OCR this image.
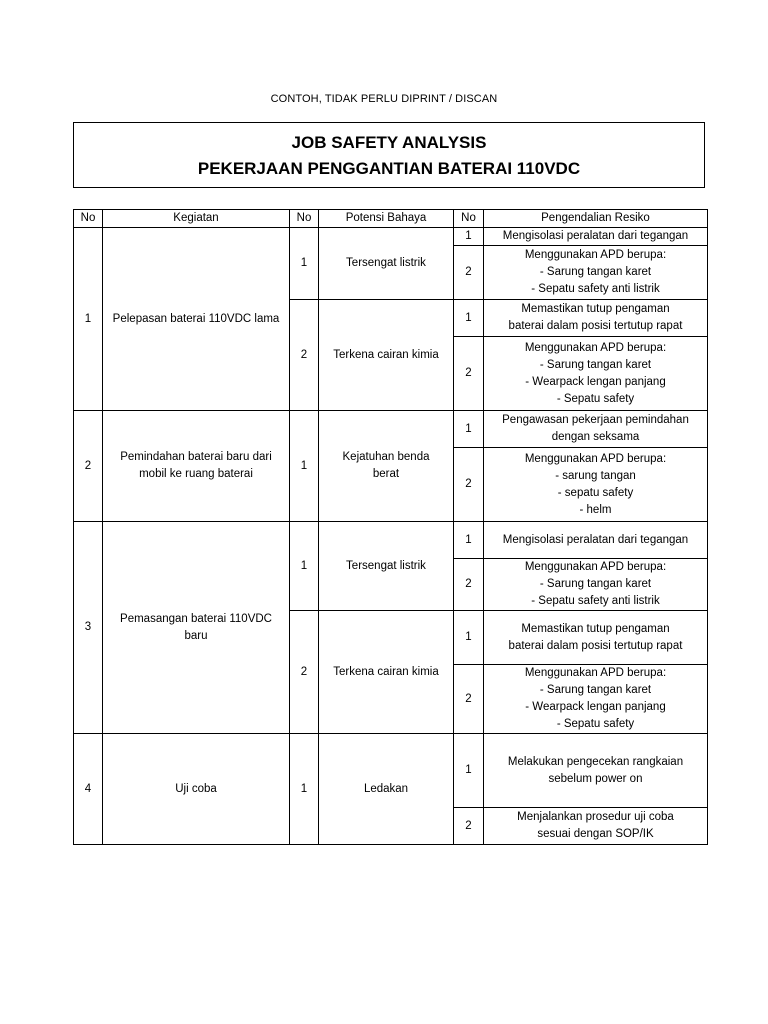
CONTOH, TIDAK PERLU DIPRINT / DISCAN
JOB SAFETY ANALYSIS
PEKERJAAN PENGGANTIAN BATERAI 110VDC
No	Kegiatan	No	Potensi Bahaya	No	Pengendalian Resiko
1	Pelepasan baterai 110VDC lama	1	Tersengat listrik	1	Mengisolasi peralatan dari tegangan

				2	Menggunakan APD berupa:
- Sarung tangan karet
- Sepatu safety anti listrik

		2	Terkena cairan kimia	1	Memastikan tutup pengaman
baterai dalam posisi tertutup rapat

				2	Menggunakan APD berupa:
- Sarung tangan karet
- Wearpack lengan panjang
- Sepatu safety

2	Pemindahan baterai baru dari mobil ke ruang baterai	1	Kejatuhan benda berat	1	Pengawasan pekerjaan pemindahan
dengan seksama

				2	Menggunakan APD berupa:
- sarung tangan
- sepatu safety
- helm

3	Pemasangan baterai 110VDC baru	1	Tersengat listrik	1	Mengisolasi peralatan dari tegangan

				2	Menggunakan APD berupa:
- Sarung tangan karet
- Sepatu safety anti listrik

		2	Terkena cairan kimia	1	Memastikan tutup pengaman
baterai dalam posisi tertutup rapat

				2	Menggunakan APD berupa:
- Sarung tangan karet
- Wearpack lengan panjang
- Sepatu safety

4	Uji coba	1	Ledakan	1	Melakukan pengecekan rangkaian
sebelum power on

				2	Menjalankan prosedur uji coba
sesuai dengan SOP/IK
